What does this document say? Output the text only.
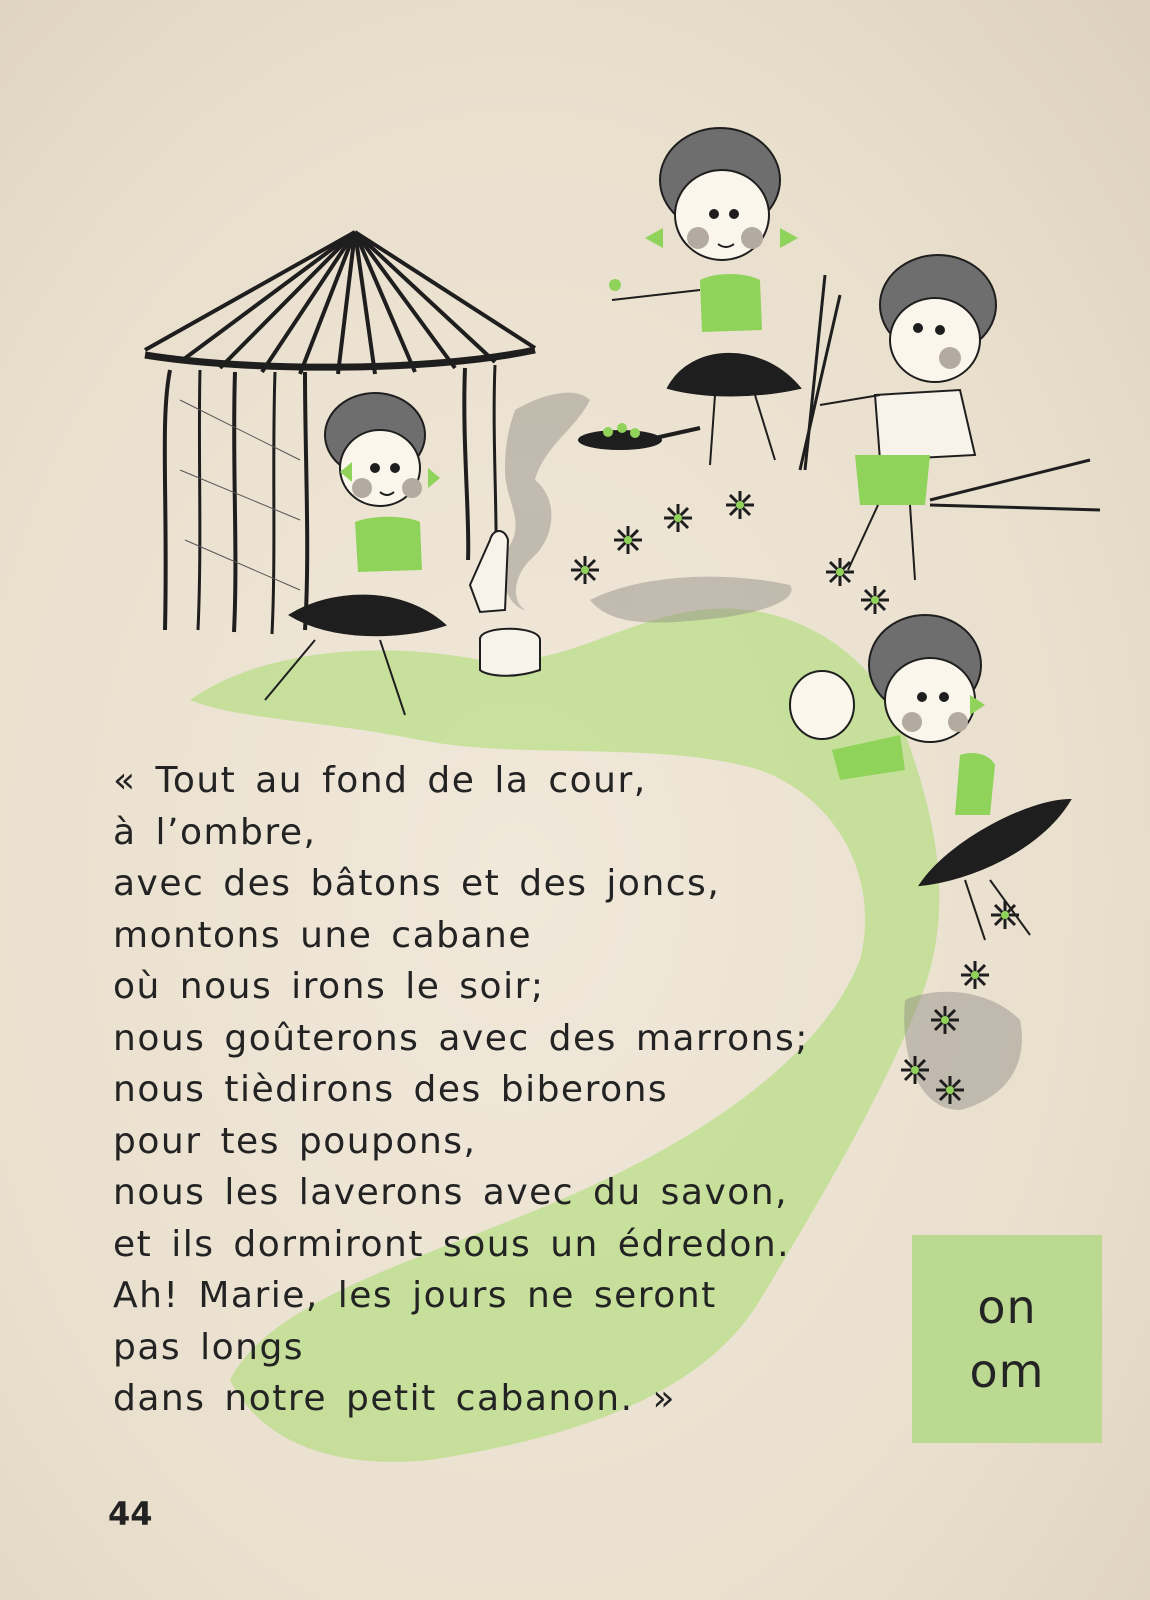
« Tout au fond de la cour,
à l’ombre,
avec des bâtons et des joncs,
montons une cabane
où nous irons le soir;
nous goûterons avec des marrons;
nous tièdirons des biberons
pour tes poupons,
nous les laverons avec du savon,
et ils dormiront sous un édredon.
Ah! Marie, les jours ne seront
pas longs
dans notre petit cabanon. »
on
om
44
